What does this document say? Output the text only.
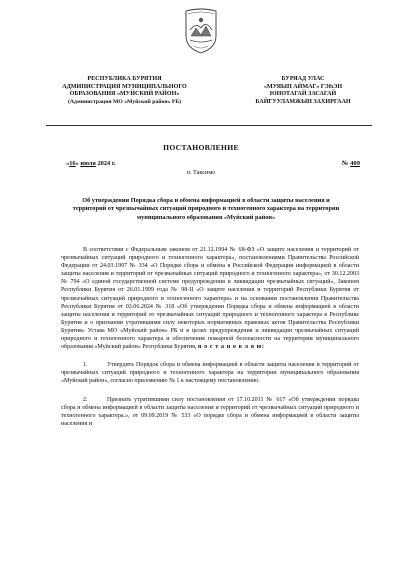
РЕСПУБЛИКА БУРЯТИЯ
АДМИНИСТРАЦИЯ МУНИЦИПАЛЬНОГО
ОБРАЗОВАНИЯ «МУЙСКИЙ РАЙОН»
(Администрация МО «Муйский район» РБ)
БУРЯАД УЛАС
«МУЯЫН АЙМАГ» ГЭҺЭН
ЮНОТАГАЙ ЗАСАГАЙ
БАЙГУУЛАМЖЫН ЗАХИРГААН
ПОСТАНОВЛЕНИЕ
«16» июля 2024 г.	№ 409
п. Таксимо
Об утверждении Порядка сбора и обмена информацией в области защиты населения и территорий от чрезвычайных ситуаций природного и техногенного характера на территории муниципального образования «Муйский район»

В соответствии с Федеральным законом от 21.12.1994 № 68-ФЗ «О защите населения и территорий от чрезвычайных ситуаций природного и техногенного характера», постановлениями Правительства Российской Федерации от 24.03.1997 № 334 «О Порядке сбора и обмена в Российской Федерации информацией в области защиты населения и территорий от чрезвычайных ситуаций природного и техногенного характера», от 30.12.2003 № 794 «О единой государственной системе предупреждения и ликвидации чрезвычайных ситуаций», Законом Республики Бурятия от 26.01.1999 года № 98-II «О защите населения и территорий Республики Бурятия от чрезвычайных ситуаций природного и техногенного характера» и на основании постановления Правительства Республики Бурятия от 03.06.2024 № 318 «Об утверждении Порядка сбора и обмена информацией в области защиты населения и территорий от чрезвычайных ситуаций природного и техногенного характера в Республике Бурятия и о признании утратившими силу некоторых нормативных правовых актов Правительства Республики Бурятия» Устава МО «Муйский район» РБ и в целях предупреждения и ликвидации чрезвычайных ситуаций природного и техногенного характера и обеспечения пожарной безопасности на территории муниципального образования «Муйский район» Республики Бурятия, п о с т а н о в л я ю:

1.	Утвердить Порядок сбора и обмена информацией в области защиты населения и территорий от чрезвычайных ситуаций природного и техногенного характера на территории муниципального образования «Муйский район», согласно приложению № 1 к настоящему постановлению.

2.	Признать утратившими силу постановления от 17.10.2011 № 617 «Об утверждении порядка сбора и обмена информацией в области защиты населения и территорий от чрезвычайных ситуаций природного и техногенного характера.», от 09.09.2019 № 533 «О порядке сбора и обмена информацией в области защиты населения и
